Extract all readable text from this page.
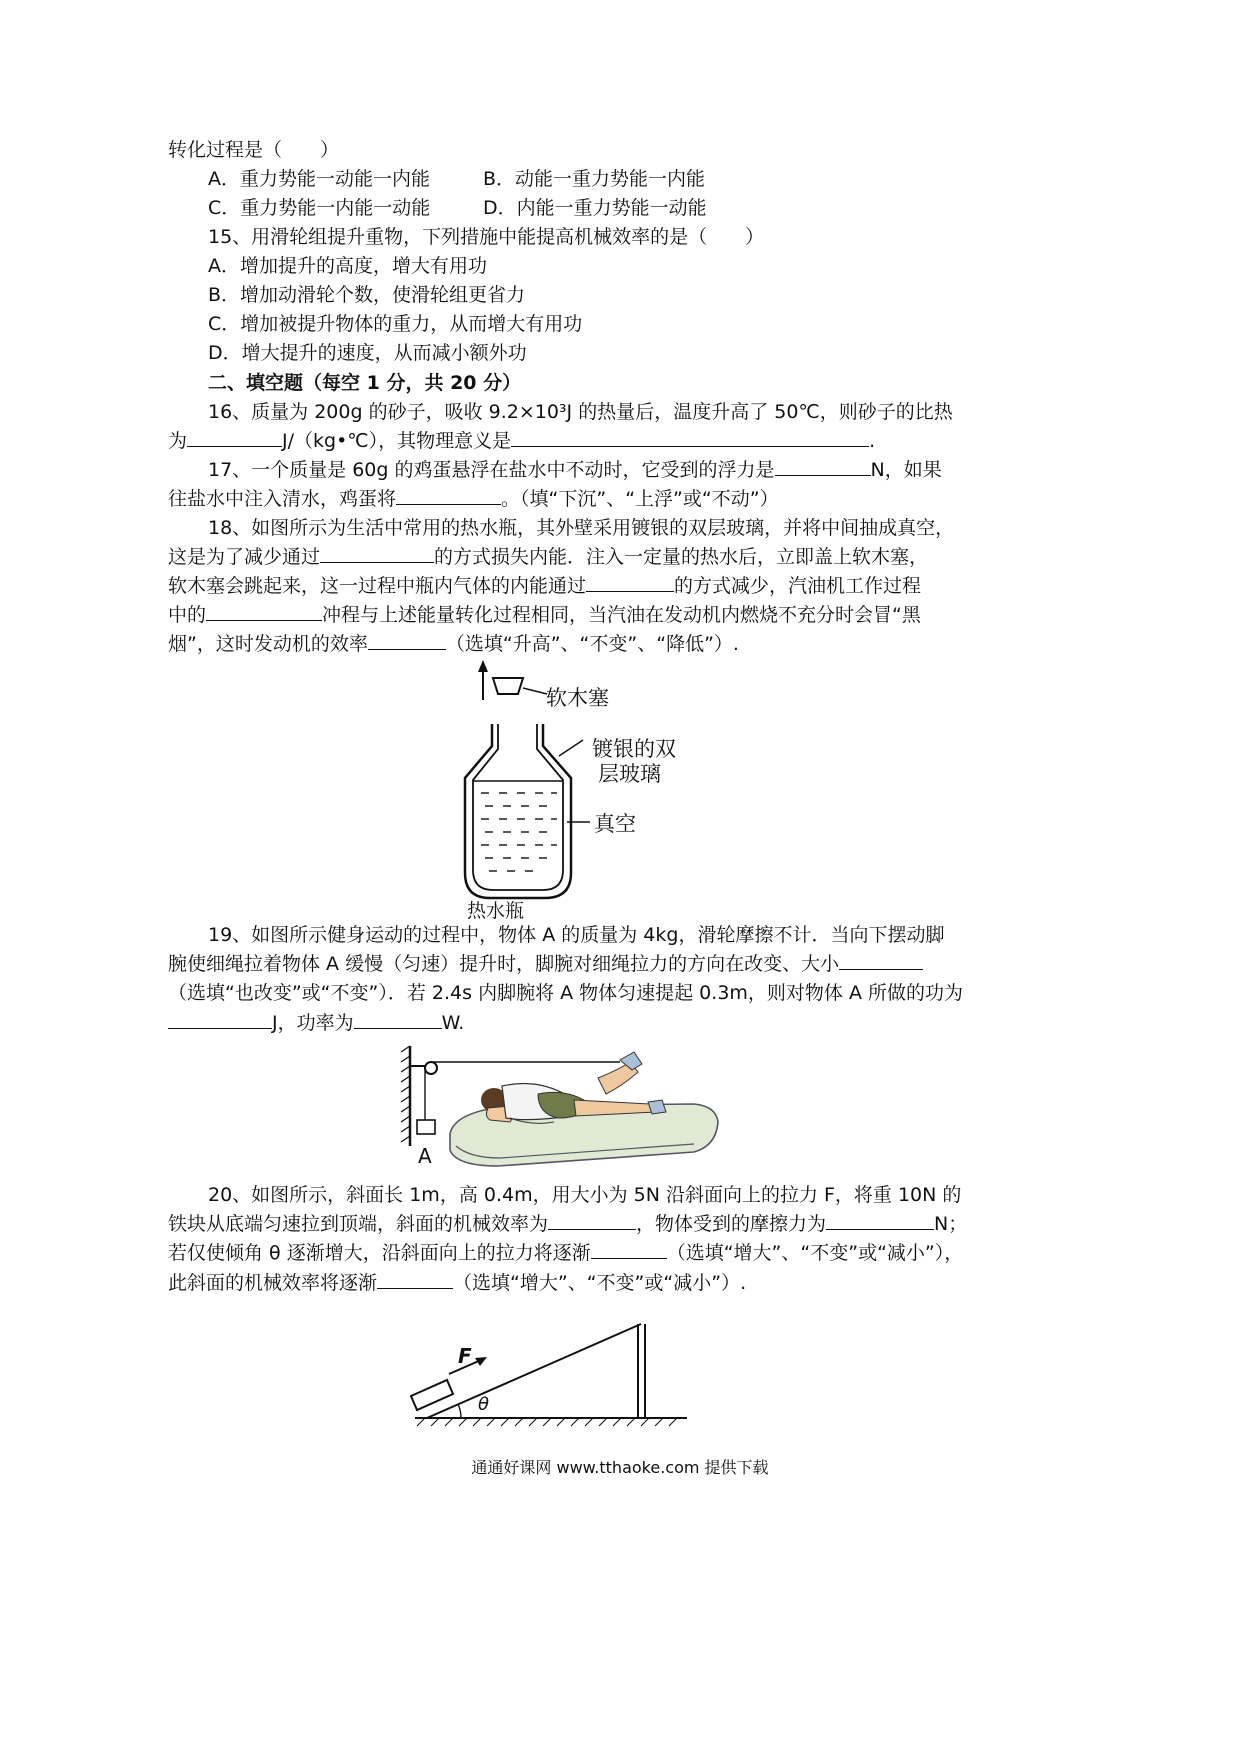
转化过程是（　　）
A．重力势能一动能一内能	B．动能一重力势能一内能
C．重力势能一内能一动能	D．内能一重力势能一动能
15、用滑轮组提升重物，下列措施中能提高机械效率的是（　　）
A．增加提升的高度，增大有用功
B．增加动滑轮个数，使滑轮组更省力
C．增加被提升物体的重力，从而增大有用功
D．增大提升的速度，从而减小额外功
二、填空题（每空 1 分，共 20 分）
16、质量为 200g 的砂子，吸收 9.2×10³J 的热量后，温度升高了 50℃，则砂子的比热
为	J/（kg•℃），其物理意义是	.
17、一个质量是 60g 的鸡蛋悬浮在盐水中不动时，它受到的浮力是	N，如果
往盐水中注入清水，鸡蛋将	。（填“下沉”、“上浮”或“不动”）
18、如图所示为生活中常用的热水瓶，其外壁采用镀银的双层玻璃，并将中间抽成真空，
这是为了减少通过	的方式损失内能．注入一定量的热水后，立即盖上软木塞，
软木塞会跳起来，这一过程中瓶内气体的内能通过	的方式减少，汽油机工作过程
中的	冲程与上述能量转化过程相同，当汽油在发动机内燃烧不充分时会冒“黑
烟”，这时发动机的效率	（选填“升高”、“不变”、“降低”）.
软木塞
镀银的双
层玻璃
真空
热水瓶
19、如图所示健身运动的过程中，物体 A 的质量为 4kg，滑轮摩擦不计．当向下摆动脚
腕使细绳拉着物体 A 缓慢（匀速）提升时，脚腕对细绳拉力的方向在改变、大小
（选填“也改变”或“不变”）．若 2.4s 内脚腕将 A 物体匀速提起 0.3m，则对物体 A 所做的功为
J，功率为	W.
A
20、如图所示，斜面长 1m，高 0.4m，用大小为 5N 沿斜面向上的拉力 F，将重 10N 的
铁块从底端匀速拉到顶端，斜面的机械效率为	，物体受到的摩擦力为	N；
若仅使倾角 θ 逐渐增大，沿斜面向上的拉力将逐渐	（选填“增大”、“不变”或“减小”），
此斜面的机械效率将逐渐	（选填“增大”、“不变”或“减小”）.
F
θ
通通好课网 www.tthaoke.com 提供下载
